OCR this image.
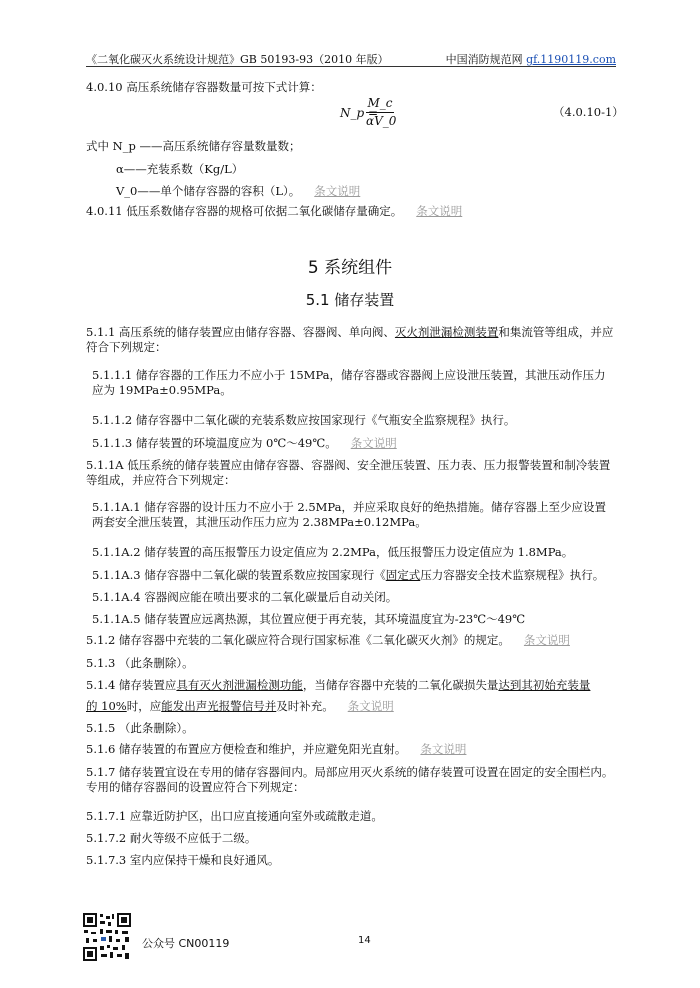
《二氧化碳灭火系统设计规范》GB 50193-93（2010 年版）	中国消防规范网 gf.1190119.com
4.0.10 高压系统储存容器数量可按下式计算：
N_p =
M_c
αV_0
（4.0.10-1）
式中 N_p ——高压系统储存容量数量数；
α——充装系数（Kg/L）
V_0——单个储存容器的容积（L）。 条文说明
4.0.11 低压系数储存容器的规格可依据二氧化碳储存量确定。 条文说明
5 系统组件
5.1 储存装置
5.1.1 高压系统的储存装置应由储存容器、容器阀、单向阀、灭火剂泄漏检测装置和集流管等组成，并应符合下列规定：
5.1.1.1 储存容器的工作压力不应小于 15MPa，储存容器或容器阀上应设泄压装置，其泄压动作压力应为 19MPa±0.95MPa。
5.1.1.2 储存容器中二氧化碳的充装系数应按国家现行《气瓶安全监察规程》执行。
5.1.1.3 储存装置的环境温度应为 0℃～49℃。 条文说明
5.1.1A 低压系统的储存装置应由储存容器、容器阀、安全泄压装置、压力表、压力报警装置和制冷装置等组成，并应符合下列规定：
5.1.1A.1 储存容器的设计压力不应小于 2.5MPa，并应采取良好的绝热措施。储存容器上至少应设置两套安全泄压装置，其泄压动作压力应为 2.38MPa±0.12MPa。
5.1.1A.2 储存装置的高压报警压力设定值应为 2.2MPa，低压报警压力设定值应为 1.8MPa。
5.1.1A.3 储存容器中二氧化碳的装置系数应按国家现行《固定式压力容器安全技术监察规程》执行。
5.1.1A.4 容器阀应能在喷出要求的二氧化碳量后自动关闭。
5.1.1A.5 储存装置应远离热源，其位置应便于再充装，其环境温度宜为-23℃～49℃
5.1.2 储存容器中充装的二氧化碳应符合现行国家标准《二氧化碳灭火剂》的规定。 条文说明
5.1.3 （此条删除）。
5.1.4 储存装置应具有灭火剂泄漏检测功能，当储存容器中充装的二氧化碳损失量达到其初始充装量
的 10%时，应能发出声光报警信号并及时补充。 条文说明
5.1.5 （此条删除）。
5.1.6 储存装置的布置应方便检查和维护，并应避免阳光直射。 条文说明
5.1.7 储存装置宜设在专用的储存容器间内。局部应用灭火系统的储存装置可设置在固定的安全围栏内。专用的储存容器间的设置应符合下列规定：
5.1.7.1 应靠近防护区，出口应直接通向室外或疏散走道。
5.1.7.2 耐火等级不应低于二级。
5.1.7.3 室内应保持干燥和良好通风。
公众号 CN00119	14
